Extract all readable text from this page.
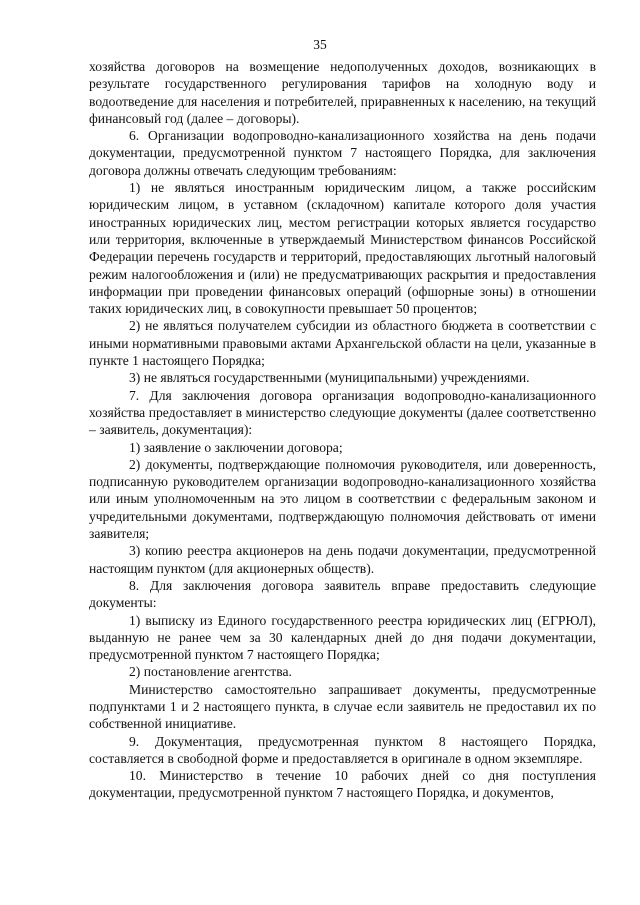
35

хозяйства договоров на возмещение недополученных доходов, возникающих в результате государственного регулирования тарифов на холодную воду и водоотведение для населения и потребителей, приравненных к населению, на текущий финансовый год (далее – договоры).

6. Организации водопроводно-канализационного хозяйства на день подачи документации, предусмотренной пунктом 7 настоящего Порядка, для заключения договора должны отвечать следующим требованиям:

1) не являться иностранным юридическим лицом, а также российским юридическим лицом, в уставном (складочном) капитале которого доля участия иностранных юридических лиц, местом регистрации которых является государство или территория, включенные в утверждаемый Министерством финансов Российской Федерации перечень государств и территорий, предоставляющих льготный налоговый режим налогообложения и (или) не предусматривающих раскрытия и предоставления информации при проведении финансовых операций (офшорные зоны) в отношении таких юридических лиц, в совокупности превышает 50 процентов;

2) не являться получателем субсидии из областного бюджета в соответствии с иными нормативными правовыми актами Архангельской области на цели, указанные в пункте 1 настоящего Порядка;

3) не являться государственными (муниципальными) учреждениями.

7. Для заключения договора организация водопроводно-канализационного хозяйства предоставляет в министерство следующие документы (далее соответственно – заявитель, документация):

1) заявление о заключении договора;

2) документы, подтверждающие полномочия руководителя, или доверенность, подписанную руководителем организации водопроводно-канализационного хозяйства или иным уполномоченным на это лицом в соответствии с федеральным законом и учредительными документами, подтверждающую полномочия действовать от имени заявителя;

3) копию реестра акционеров на день подачи документации, предусмотренной настоящим пунктом (для акционерных обществ).

8. Для заключения договора заявитель вправе предоставить следующие документы:

1) выписку из Единого государственного реестра юридических лиц (ЕГРЮЛ), выданную не ранее чем за 30 календарных дней до дня подачи документации, предусмотренной пунктом 7 настоящего Порядка;

2) постановление агентства.

Министерство самостоятельно запрашивает документы, предусмотренные подпунктами 1 и 2 настоящего пункта, в случае если заявитель не предоставил их по собственной инициативе.

9. Документация, предусмотренная пунктом 8 настоящего Порядка, составляется в свободной форме и предоставляется в оригинале в одном экземпляре.

10. Министерство в течение 10 рабочих дней со дня поступления документации, предусмотренной пунктом 7 настоящего Порядка, и документов,
